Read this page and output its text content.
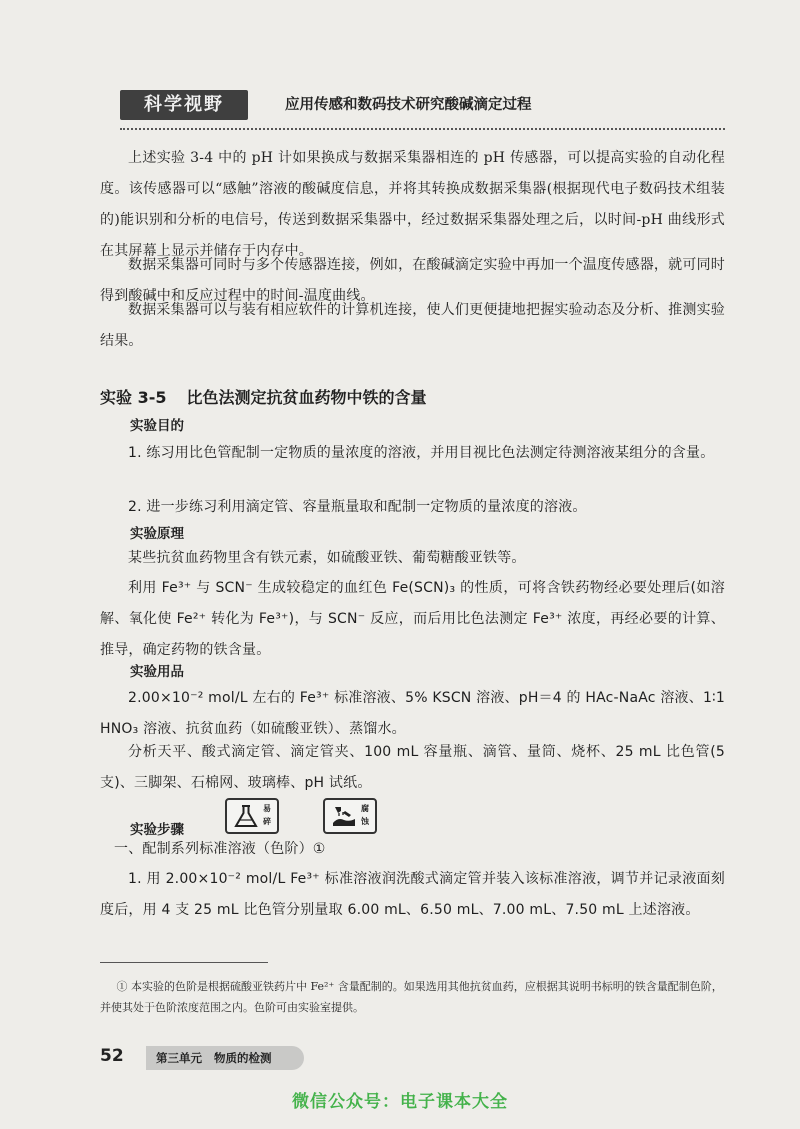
科学视野	应用传感和数码技术研究酸碱滴定过程

上述实验 3-4 中的 pH 计如果换成与数据采集器相连的 pH 传感器，可以提高实验的自动化程度。该传感器可以“感触”溶液的酸碱度信息，并将其转换成数据采集器(根据现代电子数码技术组装的)能识别和分析的电信号，传送到数据采集器中，经过数据采集器处理之后，以时间-pH 曲线形式在其屏幕上显示并储存于内存中。

数据采集器可同时与多个传感器连接，例如，在酸碱滴定实验中再加一个温度传感器，就可同时得到酸碱中和反应过程中的时间-温度曲线。

数据采集器可以与装有相应软件的计算机连接，使人们更便捷地把握实验动态及分析、推测实验结果。

实验 3-5 比色法测定抗贫血药物中铁的含量
实验目的

1. 练习用比色管配制一定物质的量浓度的溶液，并用目视比色法测定待测溶液某组分的含量。

2. 进一步练习利用滴定管、容量瓶量取和配制一定物质的量浓度的溶液。

实验原理

某些抗贫血药物里含有铁元素，如硫酸亚铁、葡萄糖酸亚铁等。

利用 Fe³⁺ 与 SCN⁻ 生成较稳定的血红色 Fe(SCN)₃ 的性质，可将含铁药物经必要处理后(如溶解、氧化使 Fe²⁺ 转化为 Fe³⁺)，与 SCN⁻ 反应，而后用比色法测定 Fe³⁺ 浓度，再经必要的计算、推导，确定药物的铁含量。

实验用品

2.00×10⁻² mol/L 左右的 Fe³⁺ 标准溶液、5% KSCN 溶液、pH＝4 的 HAc-NaAc 溶液、1∶1 HNO₃ 溶液、抗贫血药（如硫酸亚铁）、蒸馏水。

分析天平、酸式滴定管、滴定管夹、100 mL 容量瓶、滴管、量筒、烧杯、25 mL 比色管(5 支)、三脚架、石棉网、玻璃棒、pH 试纸。

易碎
腐蚀
实验步骤

一、配制系列标准溶液（色阶）①

1. 用 2.00×10⁻² mol/L Fe³⁺ 标准溶液润洗酸式滴定管并装入该标准溶液，调节并记录液面刻度后，用 4 支 25 mL 比色管分别量取 6.00 mL、6.50 mL、7.00 mL、7.50 mL 上述溶液。

① 本实验的色阶是根据硫酸亚铁药片中 Fe²⁺ 含量配制的。如果选用其他抗贫血药，应根据其说明书标明的铁含量配制色阶，并使其处于色阶浓度范围之内。色阶可由实验室提供。

52	第三单元 物质的检测
微信公众号：电子课本大全
